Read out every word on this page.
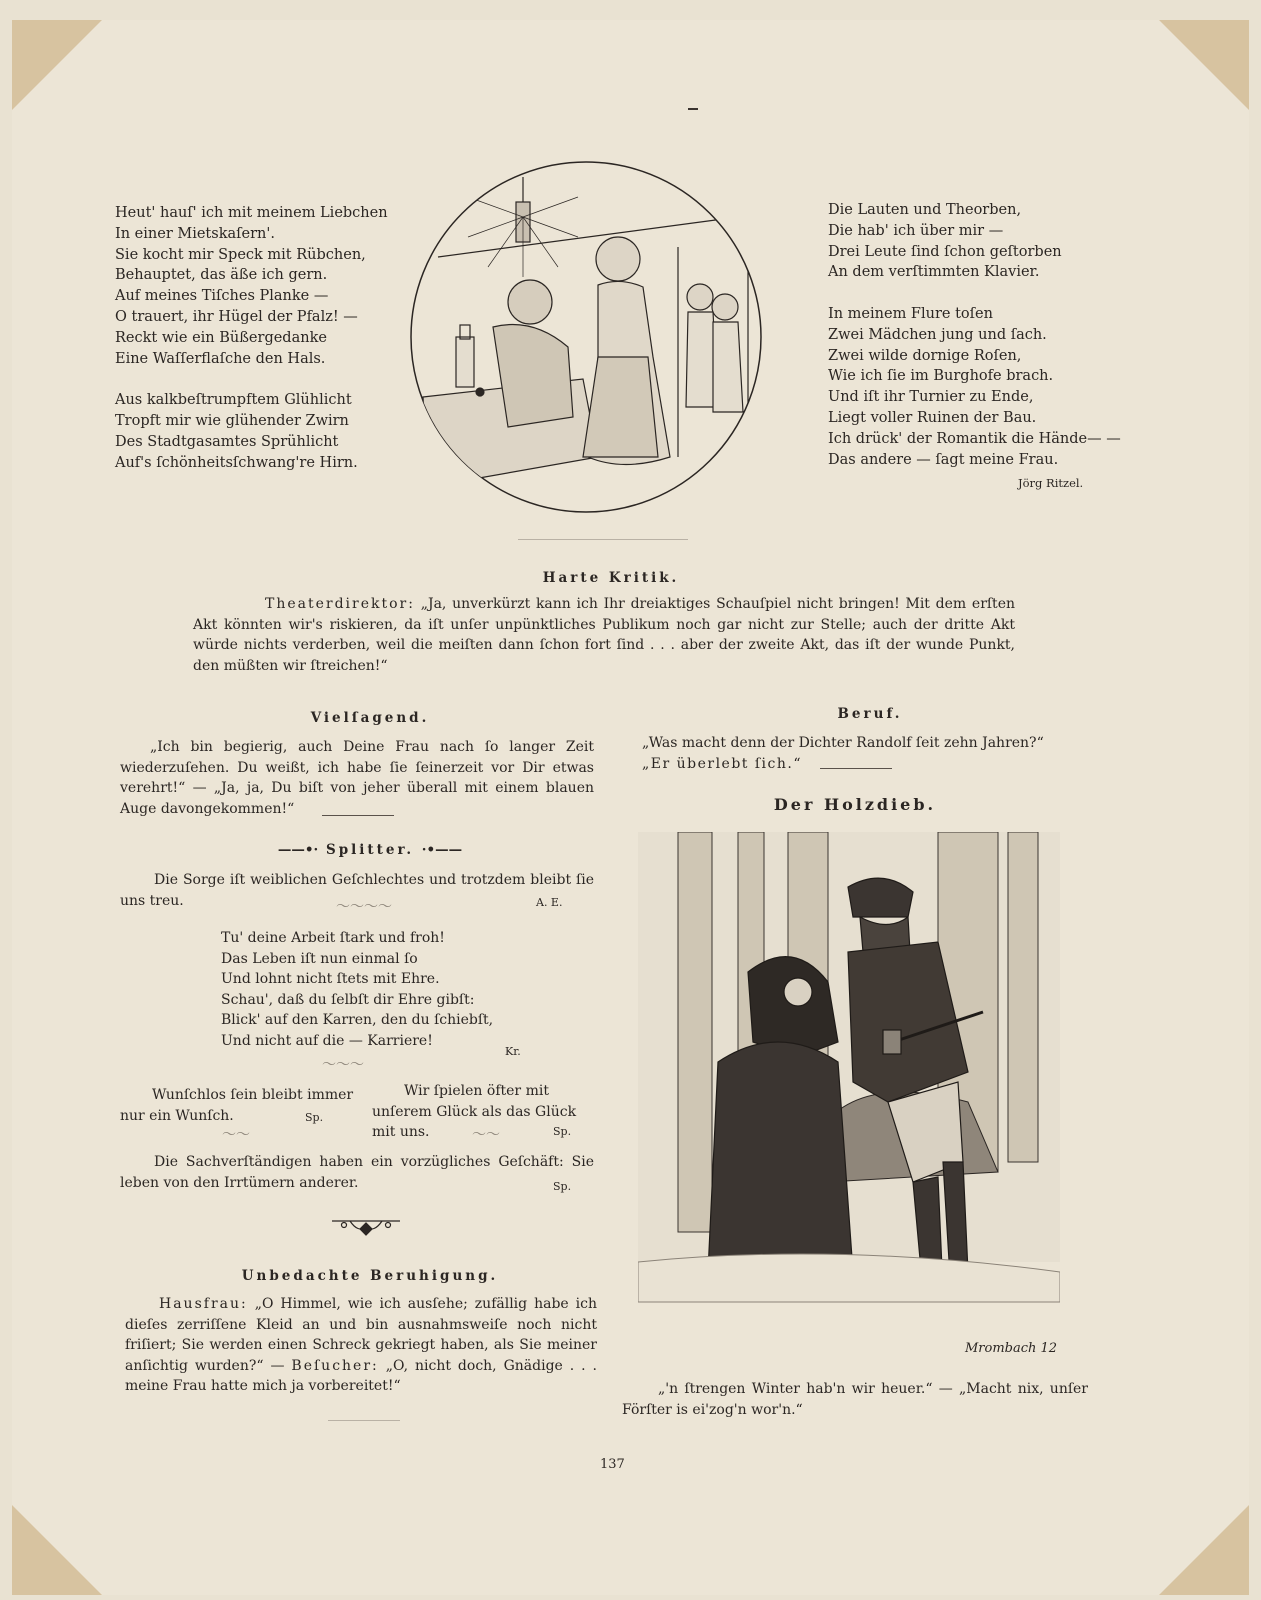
Heut' hauſ' ich mit meinem Liebchen
In einer Mietskaſern'.
Sie kocht mir Speck mit Rübchen,
Behauptet, das äße ich gern.
Auf meines Tiſches Planke —
O trauert, ihr Hügel der Pfalz! —
Reckt wie ein Büßergedanke
Eine Waſſerflaſche den Hals.

Aus kalkbeſtrumpftem Glühlicht
Tropft mir wie glühender Zwirn
Des Stadtgasamtes Sprühlicht
Auf's ſchönheitsſchwang're Hirn.
Die Lauten und Theorben,
Die hab' ich über mir —
Drei Leute ſind ſchon geſtorben
An dem verſtimmten Klavier.

In meinem Flure toſen
Zwei Mädchen jung und ſach.
Zwei wilde dornige Roſen,
Wie ich ſie im Burghofe brach.
Und iſt ihr Turnier zu Ende,
Liegt voller Ruinen der Bau.
Ich drück' der Romantik die Hände— —
Das andere — ſagt meine Frau.
Jörg Ritzel.
Harte Kritik.
Theaterdirektor: „Ja, unverkürzt kann ich Ihr dreiaktiges Schauſpiel nicht bringen! Mit dem erſten Akt könnten wir's riskieren, da iſt unſer unpünktliches Publikum noch gar nicht zur Stelle; auch der dritte Akt würde nichts verderben, weil die meiſten dann ſchon fort ſind . . . aber der zweite Akt, das iſt der wunde Punkt, den müßten wir ſtreichen!“
Vielſagend.
„Ich bin begierig, auch Deine Frau nach ſo langer Zeit wiederzuſehen. Du weißt, ich habe ſie ſeinerzeit vor Dir etwas verehrt!“ — „Ja, ja, Du biſt von jeher überall mit einem blauen Auge davongekommen!“
——•· Splitter. ·•——
Die Sorge iſt weiblichen Geſchlechtes und trotzdem bleibt ſie uns treu.	A. E.
〜〜〜〜
Tu' deine Arbeit ſtark und froh!
Das Leben iſt nun einmal ſo
Und lohnt nicht ſtets mit Ehre.
Schau', daß du ſelbſt dir Ehre gibſt:
Blick' auf den Karren, den du ſchiebſt,
Und nicht auf die — Karriere!
Kr.
〜〜〜
Wunſchlos ſein bleibt immer nur ein Wunſch.	Sp.
〜〜
Wir ſpielen öfter mit unſerem Glück als das Glück mit uns.	Sp.
〜〜
Die Sachverſtändigen haben ein vorzügliches Geſchäft: Sie leben von den Irrtümern anderer.	Sp.
Unbedachte Beruhigung.
Hausfrau: „O Himmel, wie ich ausſehe; zufällig habe ich dieſes zerriſſene Kleid an und bin ausnahmsweiſe noch nicht friſiert; Sie werden einen Schreck gekriegt haben, als Sie meiner anſichtig wurden?“ — Beſucher: „O, nicht doch, Gnädige . . . meine Frau hatte mich ja vorbereitet!“
Beruf.
„Was macht denn der Dichter Randolf ſeit zehn Jahren?“
„Er überlebt ſich.“
Der Holzdieb.
Mrombach 12
„'n ſtrengen Winter hab'n wir heuer.“ — „Macht nix, unſer Förſter is ei'zog'n wor'n.“
137
